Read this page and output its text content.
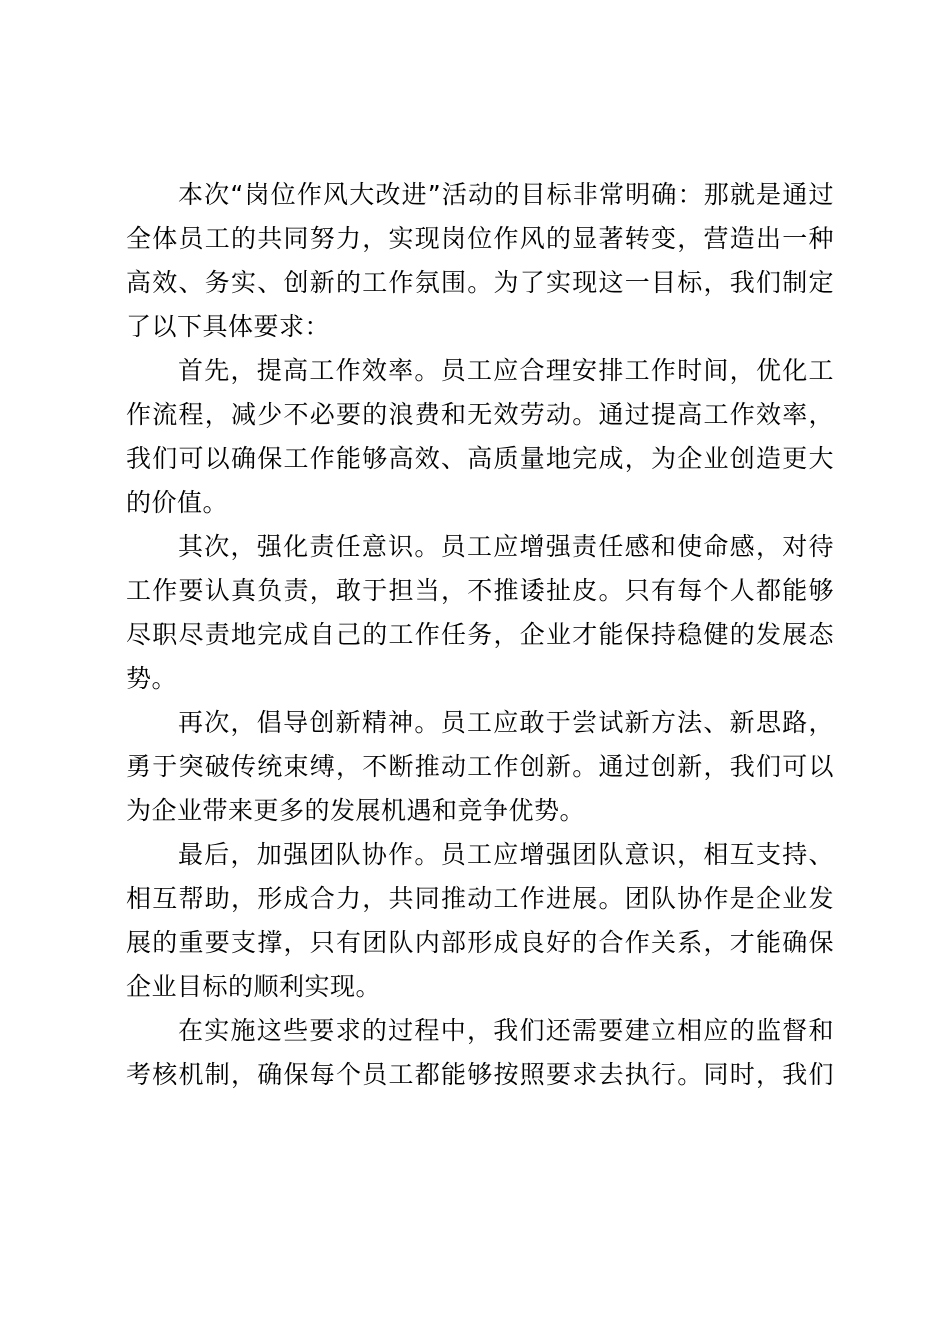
本次“岗位作风大改进”活动的目标非常明确：那就是通过
全体员工的共同努力，实现岗位作风的显著转变，营造出一种
高效、务实、创新的工作氛围。为了实现这一目标，我们制定
了以下具体要求：
首先，提高工作效率。员工应合理安排工作时间，优化工
作流程，减少不必要的浪费和无效劳动。通过提高工作效率，
我们可以确保工作能够高效、高质量地完成，为企业创造更大
的价值。
其次，强化责任意识。员工应增强责任感和使命感，对待
工作要认真负责，敢于担当，不推诿扯皮。只有每个人都能够
尽职尽责地完成自己的工作任务，企业才能保持稳健的发展态
势。
再次，倡导创新精神。员工应敢于尝试新方法、新思路，
勇于突破传统束缚，不断推动工作创新。通过创新，我们可以
为企业带来更多的发展机遇和竞争优势。
最后，加强团队协作。员工应增强团队意识，相互支持、
相互帮助，形成合力，共同推动工作进展。团队协作是企业发
展的重要支撑，只有团队内部形成良好的合作关系，才能确保
企业目标的顺利实现。
在实施这些要求的过程中，我们还需要建立相应的监督和
考核机制，确保每个员工都能够按照要求去执行。同时，我们
